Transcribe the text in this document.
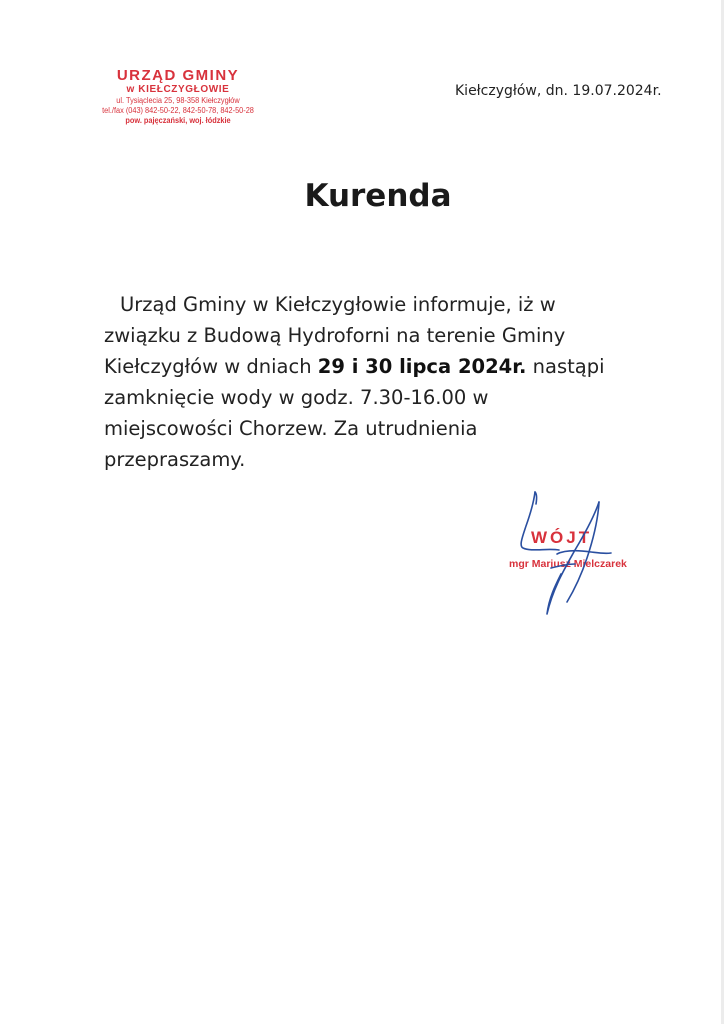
URZĄD GMINY
w KIEŁCZYGŁOWIE
ul. Tysiąclecia 25, 98-358 Kiełczygłów
tel./fax (043) 842-50-22, 842-50-78, 842-50-28
pow. pajęczański, woj. łódzkie
Kiełczygłów, dn. 19.07.2024r.
Kurenda
Urząd Gminy w Kiełczygłowie informuje, iż w
związku z Budową Hydroforni na terenie Gminy
Kiełczygłów w dniach 29 i 30 lipca 2024r. nastąpi
zamknięcie wody w godz. 7.30-16.00 w
miejscowości Chorzew. Za utrudnienia
przepraszamy.
WÓJT
mgr Mariusz Mielczarek
